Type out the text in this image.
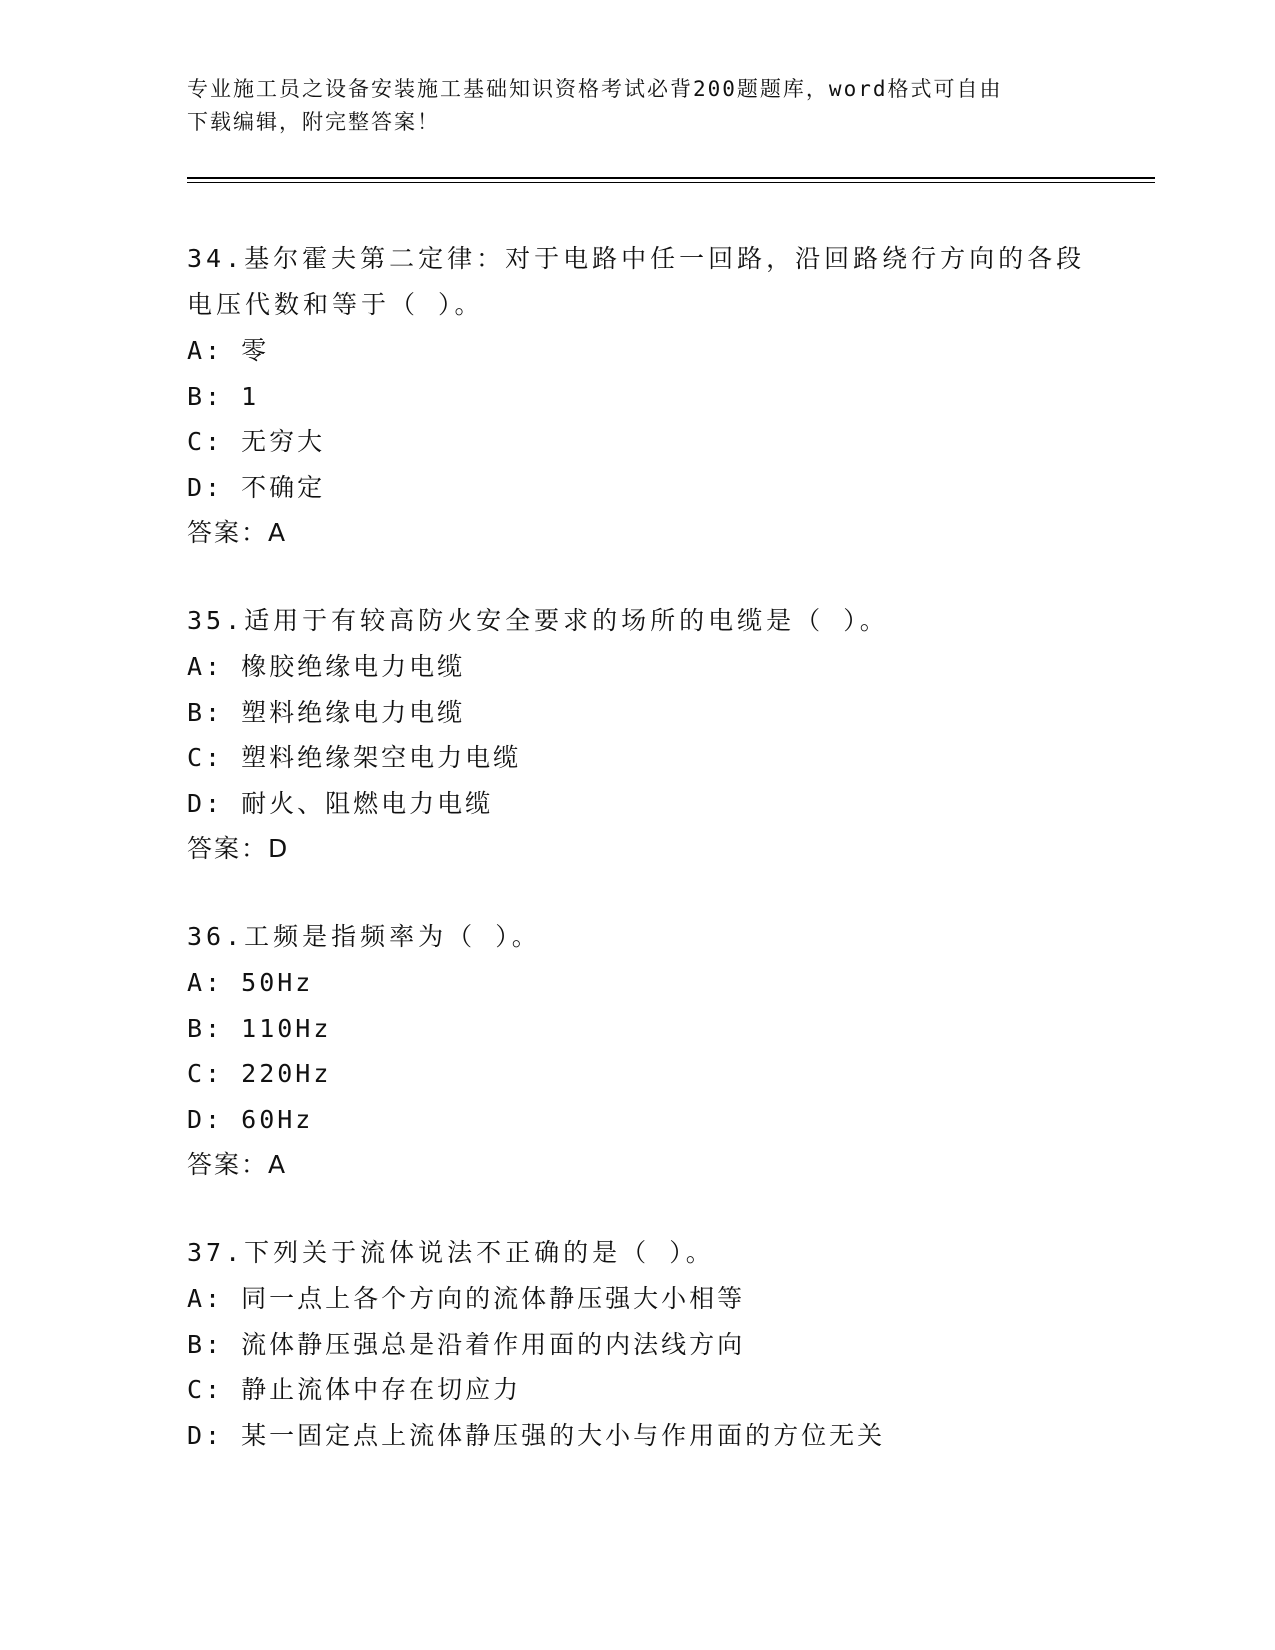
专业施工员之设备安装施工基础知识资格考试必背200题题库，word格式可自由
下载编辑，附完整答案！
34.基尔霍夫第二定律：对于电路中任一回路，沿回路绕行方向的各段电压代数和等于（ ）。
A: 零
B: 1
C: 无穷大
D: 不确定
答案：A
35.适用于有较高防火安全要求的场所的电缆是（ ）。
A: 橡胶绝缘电力电缆
B: 塑料绝缘电力电缆
C: 塑料绝缘架空电力电缆
D: 耐火、阻燃电力电缆
答案：D
36.工频是指频率为（ ）。
A: 50Hz
B: 110Hz
C: 220Hz
D: 60Hz
答案：A
37.下列关于流体说法不正确的是（ ）。
A: 同一点上各个方向的流体静压强大小相等
B: 流体静压强总是沿着作用面的内法线方向
C: 静止流体中存在切应力
D: 某一固定点上流体静压强的大小与作用面的方位无关
